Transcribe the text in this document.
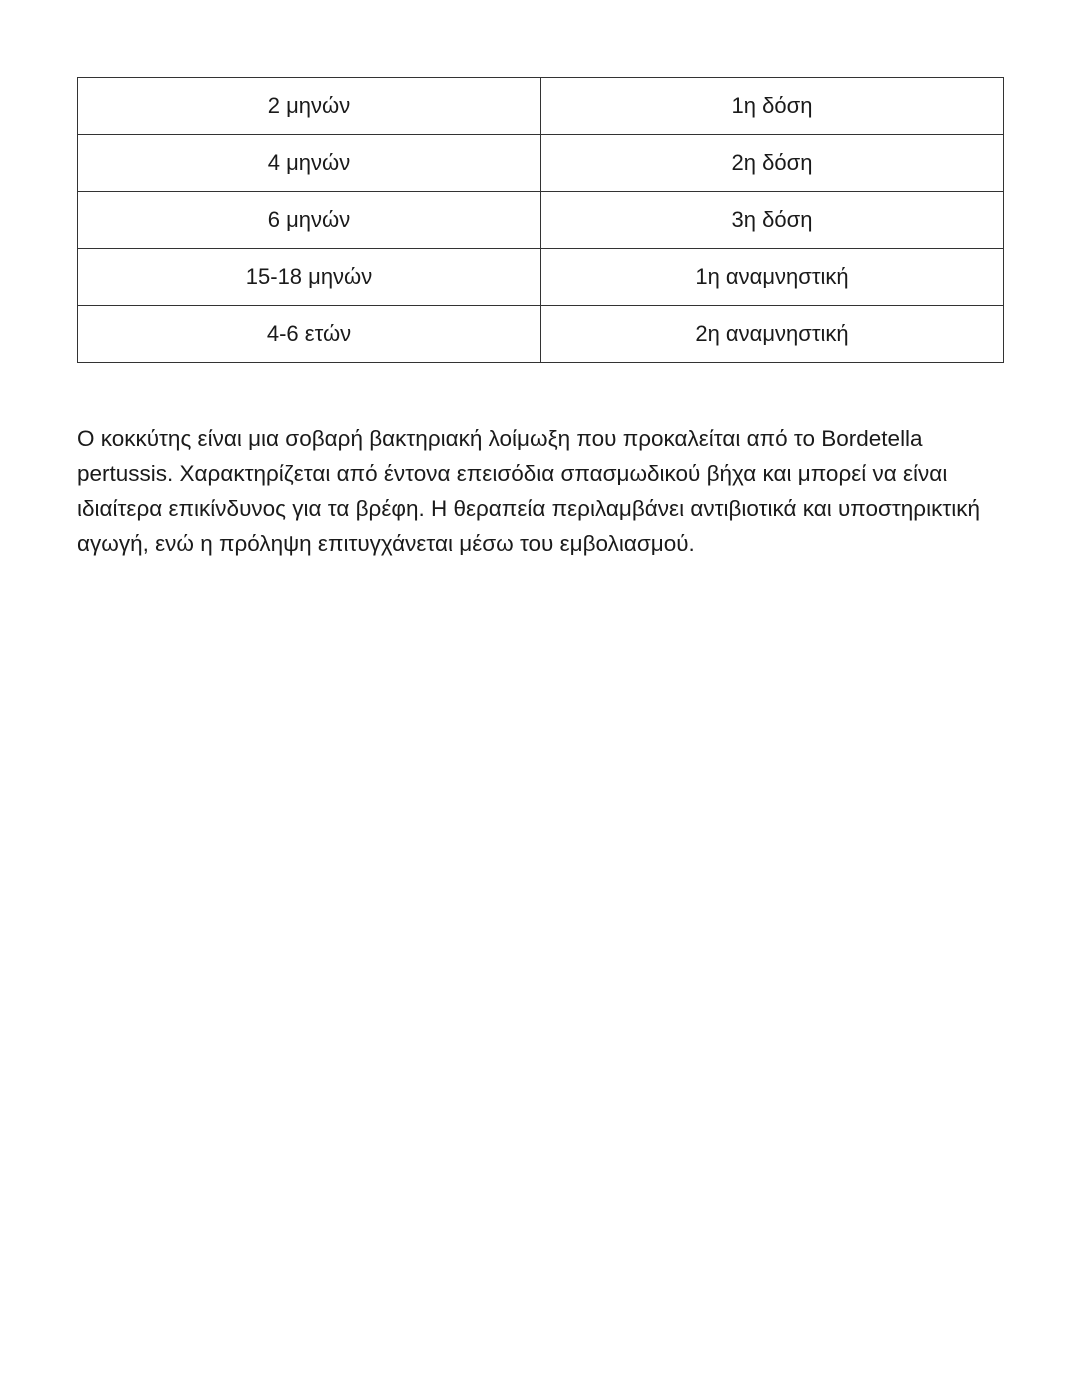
2 μηνών	1η δόση
4 μηνών	2η δόση
6 μηνών	3η δόση
15-18 μηνών	1η αναμνηστική
4-6 ετών	2η αναμνηστική

Ο κοκκύτης είναι μια σοβαρή βακτηριακή λοίμωξη που προκαλείται από το Bordetella pertussis. Χαρακτηρίζεται από έντονα επεισόδια σπασμωδικού βήχα και μπορεί να είναι ιδιαίτερα επικίνδυνος για τα βρέφη. Η θεραπεία περιλαμβάνει αντιβιοτικά και υποστηρικτική αγωγή, ενώ η πρόληψη επιτυγχάνεται μέσω του εμβολιασμού.
